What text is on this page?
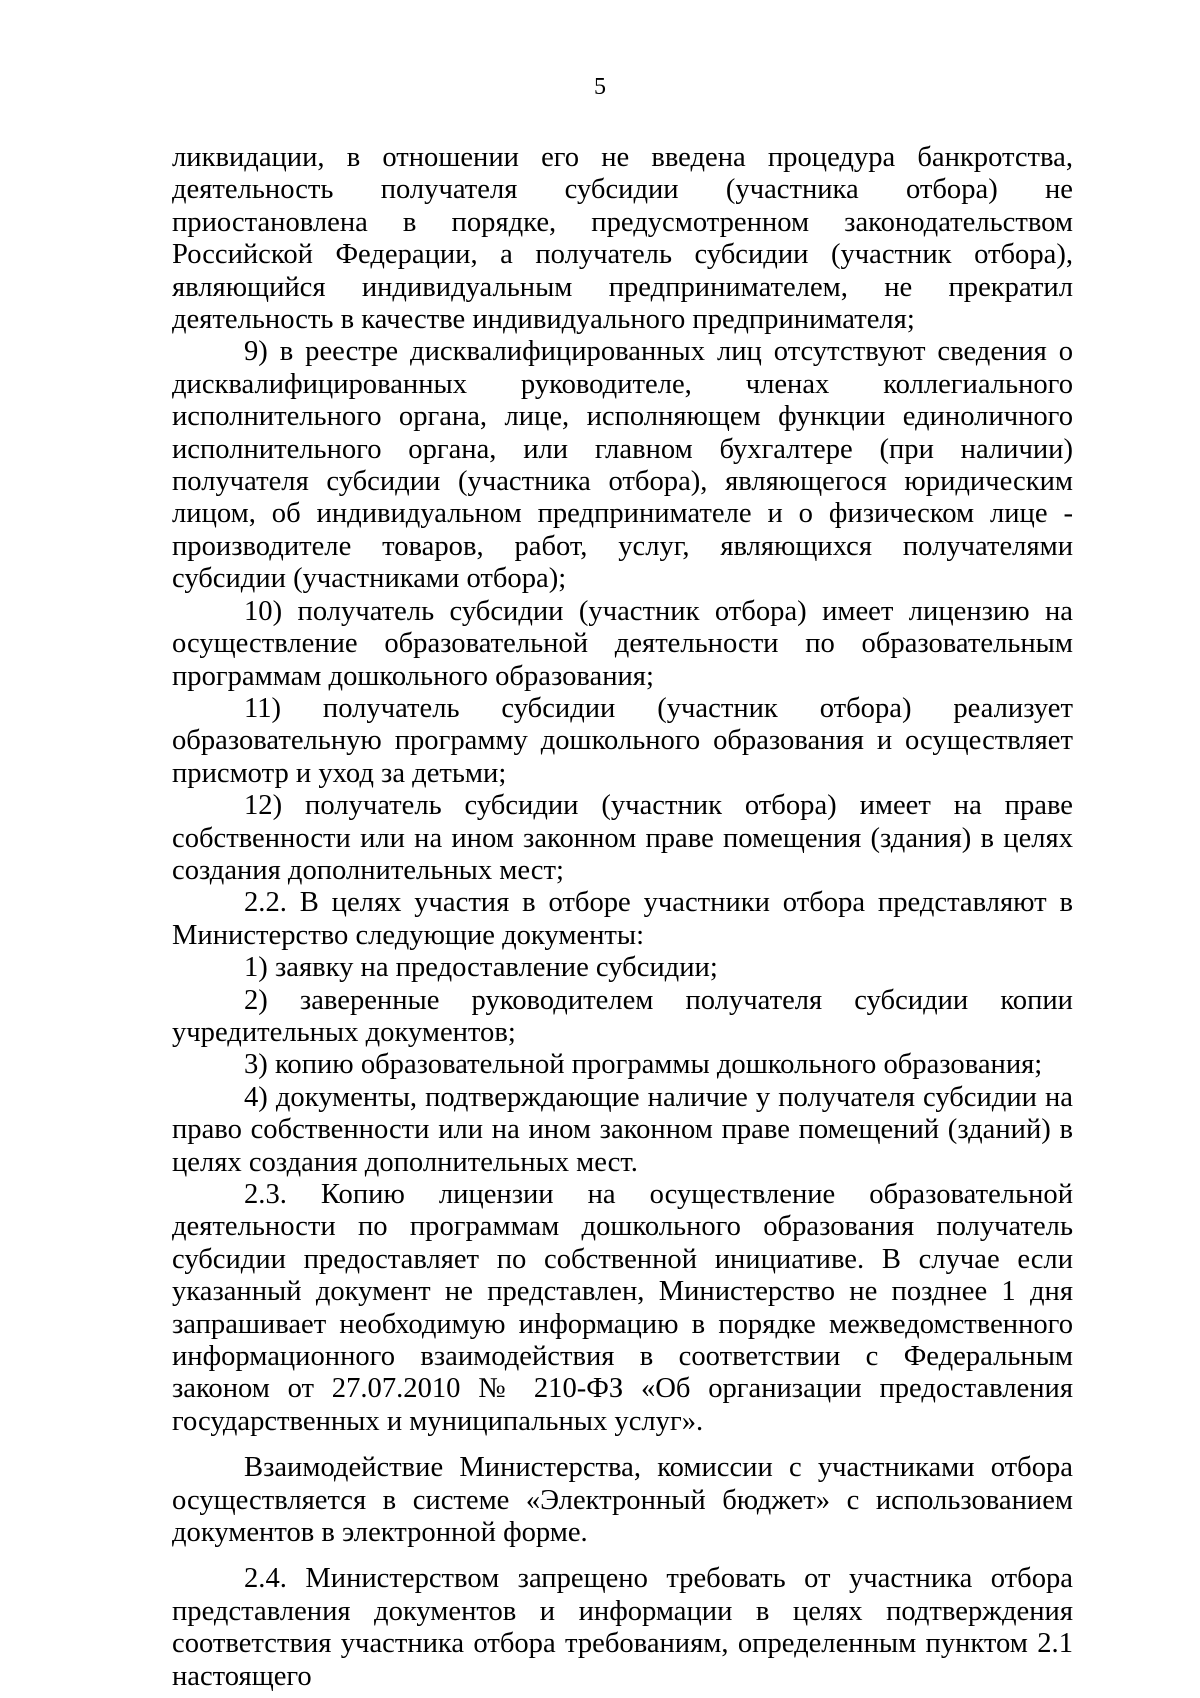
5

ликвидации, в отношении его не введена процедура банкротства, деятельность получателя субсидии (участника отбора) не приостановлена в порядке, предусмотренном законодательством Российской Федерации, а получатель субсидии (участник отбора), являющийся индивидуальным предпринимателем, не прекратил деятельность в качестве индивидуального предпринимателя;

9) в реестре дисквалифицированных лиц отсутствуют сведения о дисквалифицированных руководителе, членах коллегиального исполнительного органа, лице, исполняющем функции единоличного исполнительного органа, или главном бухгалтере (при наличии) получателя субсидии (участника отбора), являющегося юридическим лицом, об индивидуальном предпринимателе и о физическом лице - производителе товаров, работ, услуг, являющихся получателями субсидии (участниками отбора);

10) получатель субсидии (участник отбора) имеет лицензию на осуществление образовательной деятельности по образовательным программам дошкольного образования;

11) получатель субсидии (участник отбора) реализует образовательную программу дошкольного образования и осуществляет присмотр и уход за детьми;

12) получатель субсидии (участник отбора) имеет на праве собственности или на ином законном праве помещения (здания) в целях создания дополнительных мест;

2.2. В целях участия в отборе участники отбора представляют в Министерство следующие документы:

1) заявку на предоставление субсидии;

2) заверенные руководителем получателя субсидии копии учредительных документов;

3) копию образовательной программы дошкольного образования;

4) документы, подтверждающие наличие у получателя субсидии на право собственности или на ином законном праве помещений (зданий) в целях создания дополнительных мест.

2.3. Копию лицензии на осуществление образовательной деятельности по программам дошкольного образования получатель субсидии предоставляет по собственной инициативе. В случае если указанный документ не представлен, Министерство не позднее 1 дня запрашивает необходимую информацию в порядке межведомственного информационного взаимодействия в соответствии с Федеральным законом от 27.07.2010 № 210-ФЗ «Об организации предоставления государственных и муниципальных услуг».

Взаимодействие Министерства, комиссии с участниками отбора осуществляется в системе «Электронный бюджет» с использованием документов в электронной форме.

2.4. Министерством запрещено требовать от участника отбора представления документов и информации в целях подтверждения соответствия участника отбора требованиям, определенным пунктом 2.1 настоящего
